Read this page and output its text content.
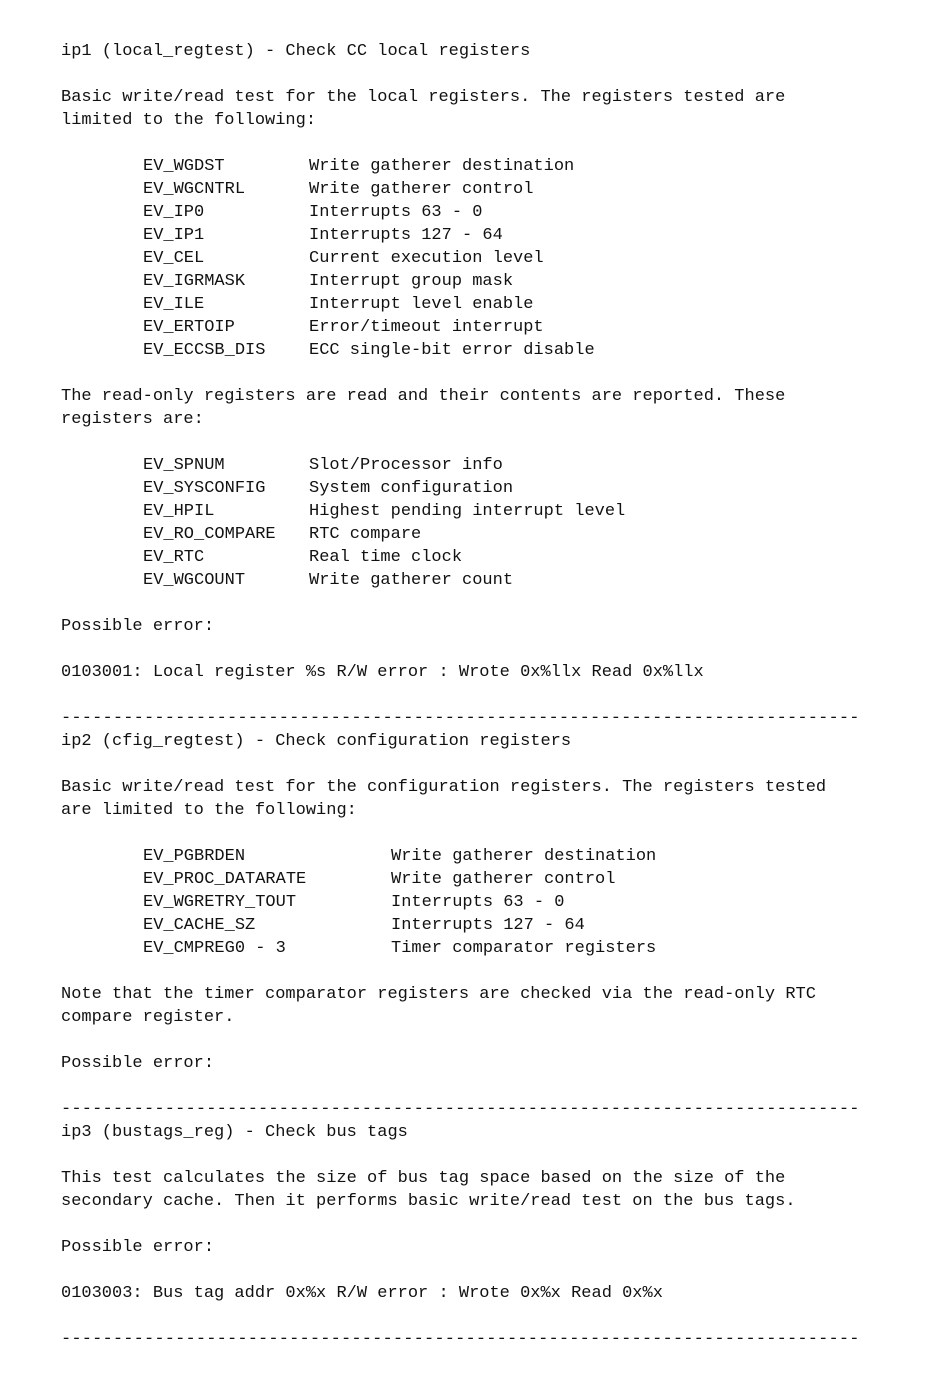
ip1 (local_regtest) - Check CC local registers
Basic write/read test for the local registers. The registers tested are
limited to the following:
EV_WGDST	Write gatherer destination
EV_WGCNTRL	Write gatherer control
EV_IP0	Interrupts 63 - 0
EV_IP1	Interrupts 127 - 64
EV_CEL	Current execution level
EV_IGRMASK	Interrupt group mask
EV_ILE	Interrupt level enable
EV_ERTOIP	Error/timeout interrupt
EV_ECCSB_DIS	ECC single-bit error disable
The read-only registers are read and their contents are reported. These
registers are:
EV_SPNUM	Slot/Processor info
EV_SYSCONFIG	System configuration
EV_HPIL	Highest pending interrupt level
EV_RO_COMPARE	RTC compare
EV_RTC	Real time clock
EV_WGCOUNT	Write gatherer count
Possible error:
0103001: Local register %s R/W error : Wrote 0x%llx Read 0x%llx
-----------------------------------------------------------------------------
ip2 (cfig_regtest) - Check configuration registers
Basic write/read test for the configuration registers. The registers tested
are limited to the following:
EV_PGBRDEN	Write gatherer destination
EV_PROC_DATARATE	Write gatherer control
EV_WGRETRY_TOUT	Interrupts 63 - 0
EV_CACHE_SZ	Interrupts 127 - 64
EV_CMPREG0 - 3	Timer comparator registers
Note that the timer comparator registers are checked via the read-only RTC
compare register.
Possible error:
-----------------------------------------------------------------------------
ip3 (bustags_reg) - Check bus tags
This test calculates the size of bus tag space based on the size of the
secondary cache. Then it performs basic write/read test on the bus tags.
Possible error:
0103003: Bus tag addr 0x%x R/W error : Wrote 0x%x Read 0x%x
-----------------------------------------------------------------------------
